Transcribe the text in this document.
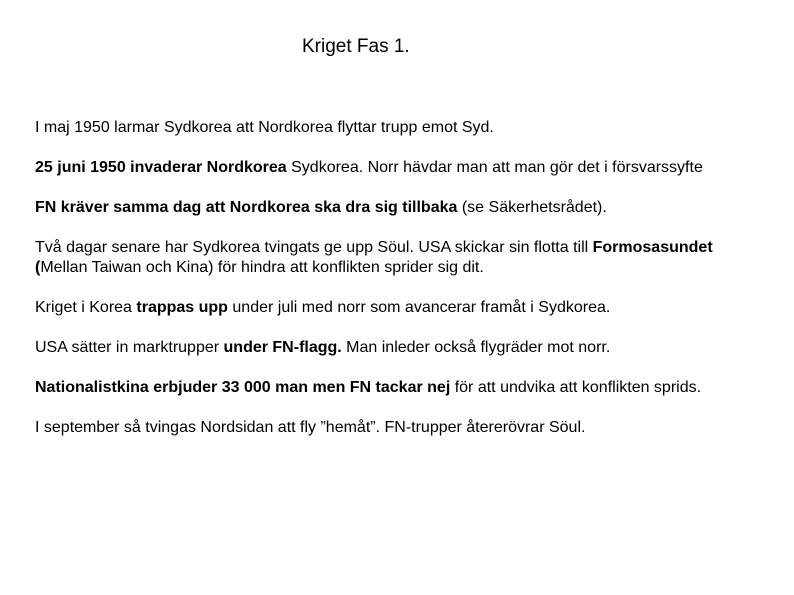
Kriget Fas 1.

I maj 1950 larmar Sydkorea att Nordkorea flyttar trupp emot Syd.

25 juni 1950 invaderar Nordkorea Sydkorea. Norr hävdar man att man gör det i försvarssyfte

FN kräver samma dag att Nordkorea ska dra sig tillbaka (se Säkerhetsrådet).

Två dagar senare har Sydkorea tvingats ge upp Söul. USA skickar sin flotta till Formosasundet (Mellan Taiwan och Kina) för hindra att konflikten sprider sig dit.

Kriget i Korea trappas upp under juli med norr som avancerar framåt i Sydkorea.

USA sätter in marktrupper under FN-flagg. Man inleder också flygräder mot norr.

Nationalistkina erbjuder 33 000 man men FN tackar nej för att undvika att konflikten sprids.

I september så tvingas Nordsidan att fly ”hemåt”. FN-trupper återerövrar Söul.
